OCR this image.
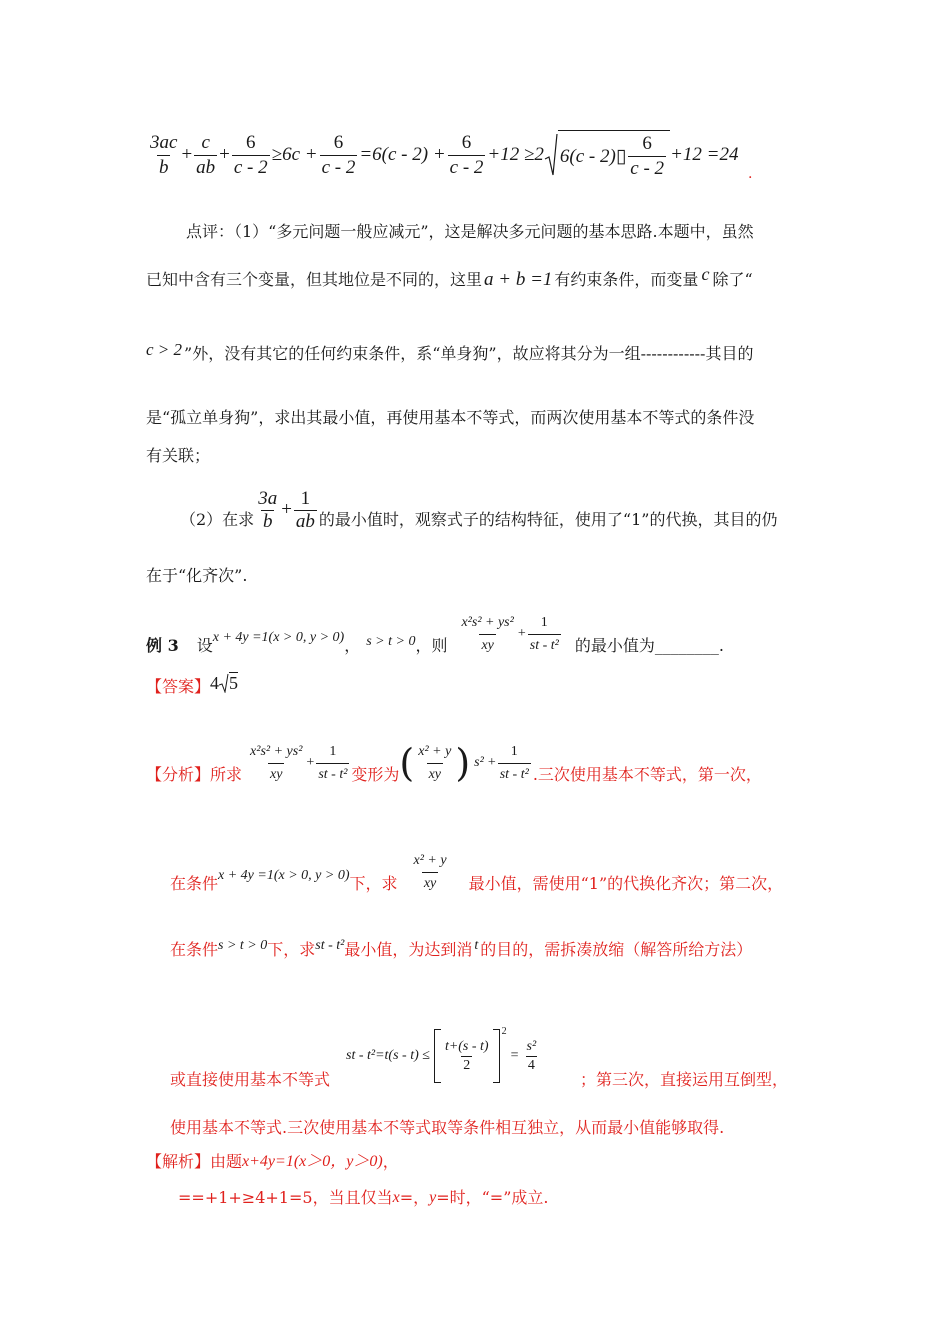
$\frac{3ac}{b} + \frac{c}{ab} + \frac{6}{c - 2} \ge 6c + \frac{6}{c - 2} =6(c - 2) + \frac{6}{c - 2} +12 \ge 2$ 6(c - 2)▯ $\frac{6}{c - 2} +12 =24$
.
点评：（1）“多元问题一般应减元”，这是解决多元问题的基本思路.本题中，虽然
已知中含有三个变量，但其地位是不同的，这里 a + b =1 有约束条件，而变量 c 除了“
c > 2 ”外，没有其它的任何约束条件，系“单身狗”，故应将其分为一组------------其目的
是“孤立单身狗”，求出其最小值，再使用基本不等式，而两次使用基本不等式的条件没
有关联；
（2）在求 $\frac{3a}{b} + \frac{1}{ab}$ 的最小值时，观察式子的结构特征，使用了“1”的代换，其目的仍
在于“化齐次”.
例 3 设 x + 4y =1(x > 0, y > 0) ， s > t > 0 ，则 $\frac{\text{x²s² + ys²}}{xy} + \frac{1}{\text{st - t²}}$ 的最小值为________.
【答案】 4 5
【分析】 所求 $\frac{\text{x²s² + ys²}}{xy} + \frac{1}{\text{st - t²}}$ 变形为 ( $\frac{\text{x² + y}}{xy}$ ) $s^2 + \frac{1}{\text{st - t²}}$ .三次使用基本不等式，第一次，
在条件 x + 4y =1(x > 0, y > 0) 下，求 $\frac{\text{x² + y}}{xy}$ 最小值，需使用“1”的代换化齐次；第二次，
在条件 s > t > 0 下，求 st - t² 最小值，为达到消 t 的目的，需拆凑放缩（解答所给方法）
st - $t^2=t(s - t) \le \frac{t+(s - t)}{2}$
2
= $\frac{\text{s²}}{4}$
或直接使用基本不等式	；第三次，直接运用互倒型，
使用基本不等式.三次使用基本不等式取等条件相互独立，从而最小值能够取得.
【解析】 由题 x+4y=1(x＞0，y＞0) ，
==+1+≥4+1=5，当且仅当 x =， y =时，“=”成立.
